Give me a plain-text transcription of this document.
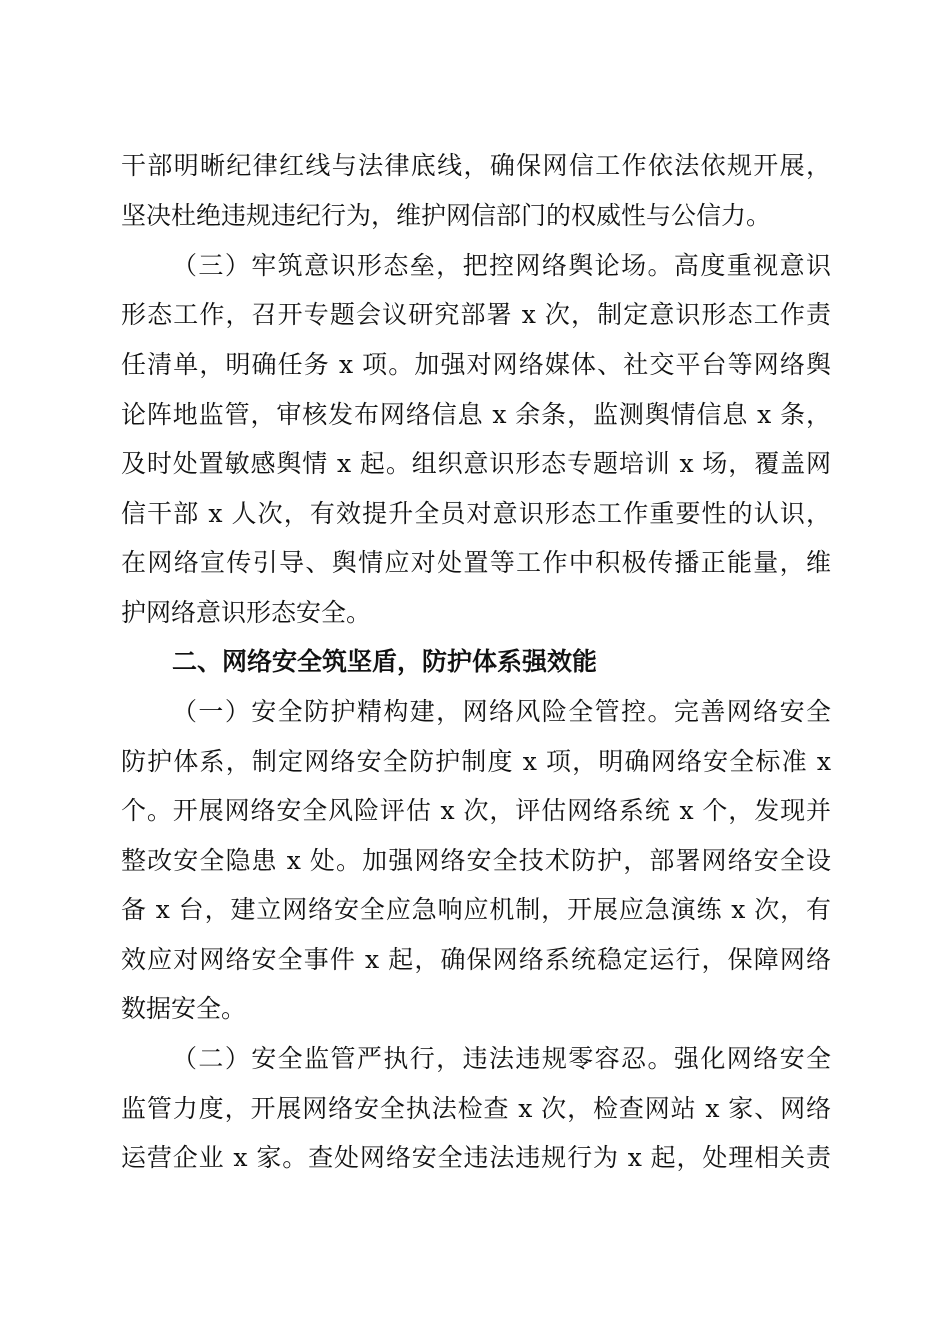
干部明晰纪律红线与法律底线，确保网信工作依法依规开展，
坚决杜绝违规违纪行为，维护网信部门的权威性与公信力。
（三）牢筑意识形态垒，把控网络舆论场。高度重视意识
形态工作，召开专题会议研究部署 x 次，制定意识形态工作责
任清单，明确任务 x 项。加强对网络媒体、社交平台等网络舆
论阵地监管，审核发布网络信息 x 余条，监测舆情信息 x 条，
及时处置敏感舆情 x 起。组织意识形态专题培训 x 场，覆盖网
信干部 x 人次，有效提升全员对意识形态工作重要性的认识，
在网络宣传引导、舆情应对处置等工作中积极传播正能量，维
护网络意识形态安全。
二、网络安全筑坚盾，防护体系强效能
（一）安全防护精构建，网络风险全管控。完善网络安全
防护体系，制定网络安全防护制度 x 项，明确网络安全标准 x
个。开展网络安全风险评估 x 次，评估网络系统 x 个，发现并
整改安全隐患 x 处。加强网络安全技术防护，部署网络安全设
备 x 台，建立网络安全应急响应机制，开展应急演练 x 次，有
效应对网络安全事件 x 起，确保网络系统稳定运行，保障网络
数据安全。
（二）安全监管严执行，违法违规零容忍。强化网络安全
监管力度，开展网络安全执法检查 x 次，检查网站 x 家、网络
运营企业 x 家。查处网络安全违法违规行为 x 起，处理相关责
